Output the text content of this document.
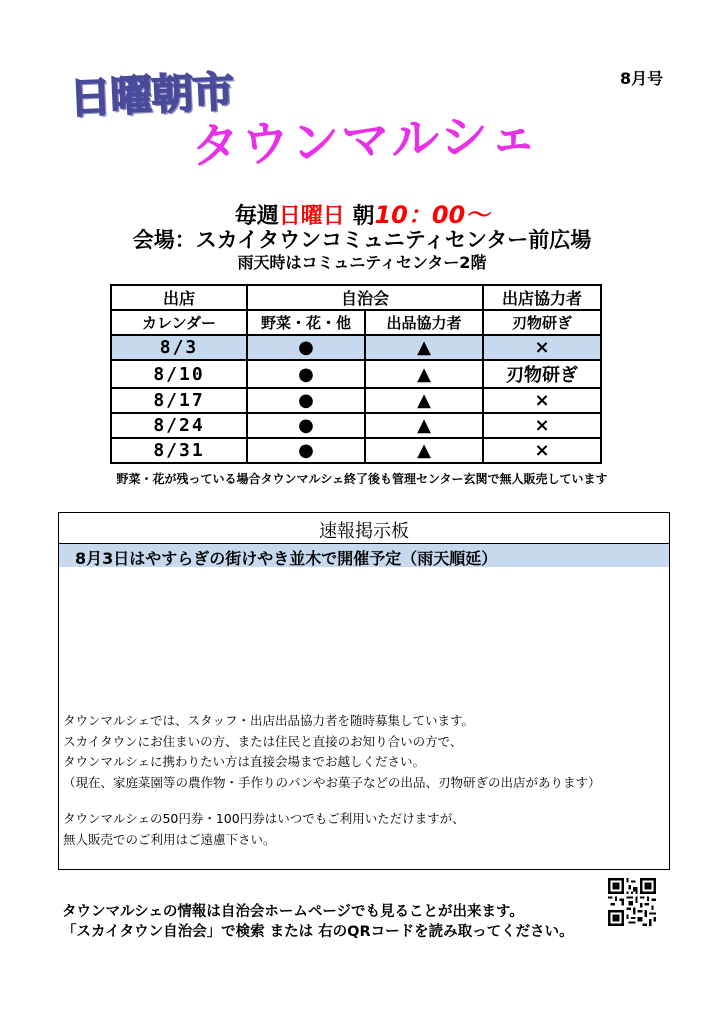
8月号
日曜朝市
タウンマルシェ
毎週日曜日 朝10：00～
会場：スカイタウンコミュニティセンター前広場
雨天時はコミュニティセンター2階
出店	自治会		出店協力者
カレンダー	野菜・花・他	出品協力者	刃物研ぎ
8/3	●	▲	×
8/10	●	▲	刃物研ぎ
8/17	●	▲	×
8/24	●	▲	×
8/31	●	▲	×
野菜・花が残っている場合タウンマルシェ終了後も管理センター玄関で無人販売しています
速報掲示板
8月3日はやすらぎの街けやき並木で開催予定（雨天順延）

タウンマルシェでは、スタッフ・出店出品協力者を随時募集しています。

スカイタウンにお住まいの方、または住民と直接のお知り合いの方で、

タウンマルシェに携わりたい方は直接会場までお越しください。

（現在、家庭菜園等の農作物・手作りのパンやお菓子などの出品、刃物研ぎの出店があります）

タウンマルシェの50円券・100円券はいつでもご利用いただけますが、

無人販売でのご利用はご遠慮下さい。

タウンマルシェの情報は自治会ホームページでも見ることが出来ます。

「スカイタウン自治会」で検索 または 右のQRコードを読み取ってください。
